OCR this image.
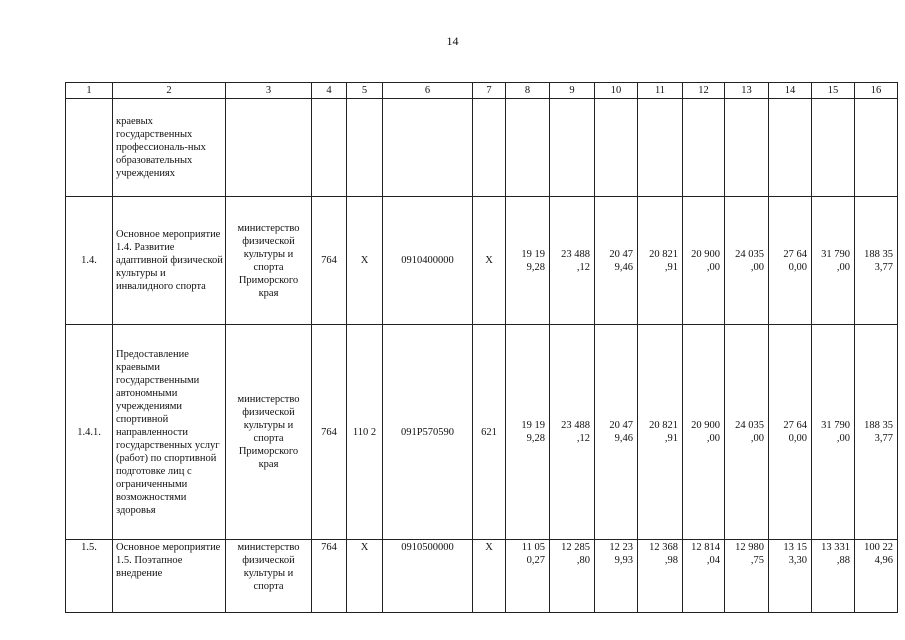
14
1	2	3	4	5	6	7	8	9	10	11	12	13	14	15	16
	краевых государственных профессиональ-ных образовательных учреждениях														
1.4.	Основное мероприятие 1.4. Развитие адаптивной физической культуры и инвалидного спорта	министерство физической культуры и спорта Приморского края	764	X	0910400000	X	19 19 9,28	23 488 ,12	20 47 9,46	20 821 ,91	20 900 ,00	24 035 ,00	27 64 0,00	31 790 ,00	188 35 3,77
1.4.1.	Предоставление краевыми государственными автономными учреждениями спортивной направленности государственных услуг (работ) по спортивной подготовке лиц с ограниченными возможностями здоровья	министерство физической культуры и спорта Приморского края	764	110 2	091P570590	621	19 19 9,28	23 488 ,12	20 47 9,46	20 821 ,91	20 900 ,00	24 035 ,00	27 64 0,00	31 790 ,00	188 35 3,77
1.5.	Основное мероприятие 1.5. Поэтапное внедрение	министерство физической культуры и спорта	764	X	0910500000	X	11 05 0,27	12 285 ,80	12 23 9,93	12 368 ,98	12 814 ,04	12 980 ,75	13 15 3,30	13 331 ,88	100 22 4,96
